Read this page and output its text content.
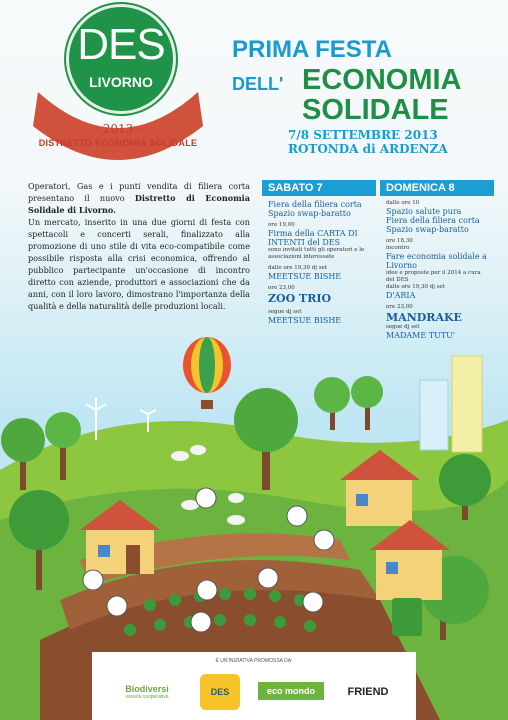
DES
LIVORNO
- 2013 -
DISTRETTO ECONOMIA SOLIDALE
PRIMA FESTA
DELL' ECONOMIA
SOLIDALE
7/8 SETTEMBRE 2013
ROTONDA di ARDENZA
Operatori, Gas e i punti vendita di filiera corta presentano il nuovo Distretto di Economia Solidale di Livorno.
Un mercato, inserito in una due giorni di festa con spettacoli e concerti serali, finalizzato alla promozione di uno stile di vita eco-compatibile come possibile risposta alla crisi economica, offrendo al pubblico partecipante un'occasione di incontro diretto con aziende, produttori e associazioni che da anni, con il loro lavoro, dimostrano l'importanza della qualità e della naturalità delle produzioni locali.
SABATO 7
Fiera della filiera corta
Spazio swap-baratto
ore 19,00
Firma della CARTA DI INTENTI del DES
sono invitati tutti gli operatori e le associazioni interessate
dalle ore 19,30 dj set
MEETSUE BISHE
ore 23,00
ZOO TRIO
segue dj set
MEETSUE BISHE
DOMENICA 8
dalle ore 10
Spazio salute pura
Fiera della filiera corta
Spazio swap-baratto
ore 18,30
incontro
Fare economia solidale a Livorno
idee e proposte per il 2014 a cura del DES
dalle ore 19,30 dj set
D'ARIA
ore 23,00
MANDRAKE
segue dj set
MADAME TUTU'
È UN'INIZIATIVA PROMOSSA DA:
Biodiversi
società cooperativa	DES	eco mondo	FRIEND
